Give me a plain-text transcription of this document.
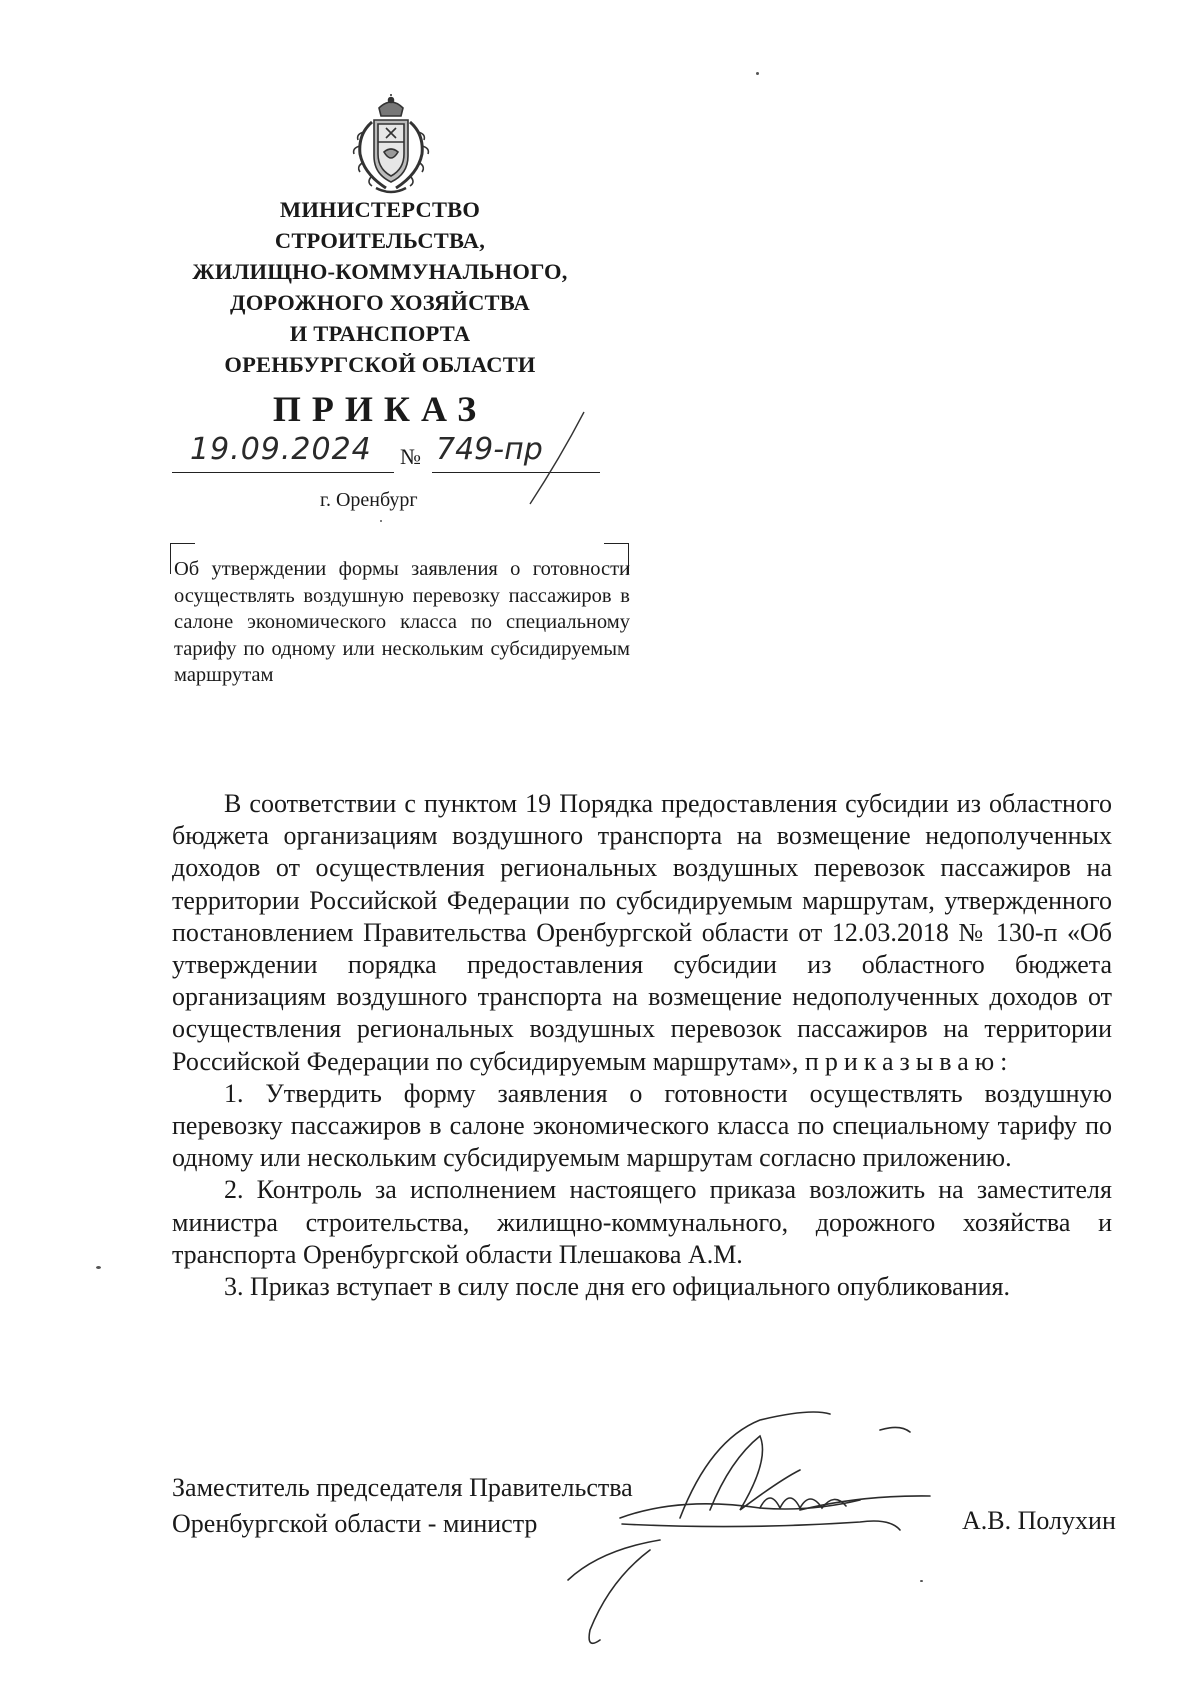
МИНИСТЕРСТВО
СТРОИТЕЛЬСТВА,
ЖИЛИЩНО-КОММУНАЛЬНОГО,
ДОРОЖНОГО ХОЗЯЙСТВА
И ТРАНСПОРТА
ОРЕНБУРГСКОЙ ОБЛАСТИ
ПРИКАЗ
19.09.2024 № 749-пр
г. Оренбург
Об утверждении формы заявления о готовности осуществлять воздушную перевозку пассажиров в салоне экономического класса по специальному тарифу по одному или нескольким субсидируемым маршрутам

В соответствии с пунктом 19 Порядка предоставления субсидии из областного бюджета организациям воздушного транспорта на возмещение недополученных доходов от осуществления региональных воздушных перевозок пассажиров на территории Российской Федерации по субсидируемым маршрутам, утвержденного постановлением Правительства Оренбургской области от 12.03.2018 № 130-п «Об утверждении порядка предоставления субсидии из областного бюджета организациям воздушного транспорта на возмещение недополученных доходов от осуществления региональных воздушных перевозок пассажиров на территории Российской Федерации по субсидируемым маршрутам», приказываю:

1. Утвердить форму заявления о готовности осуществлять воздушную перевозку пассажиров в салоне экономического класса по специальному тарифу по одному или нескольким субсидируемым маршрутам согласно приложению.

2. Контроль за исполнением настоящего приказа возложить на заместителя министра строительства, жилищно-коммунального, дорожного хозяйства и транспорта Оренбургской области Плешакова А.М.

3. Приказ вступает в силу после дня его официального опубликования.

Заместитель председателя Правительства
Оренбургской области - министр	А.В. Полухин
